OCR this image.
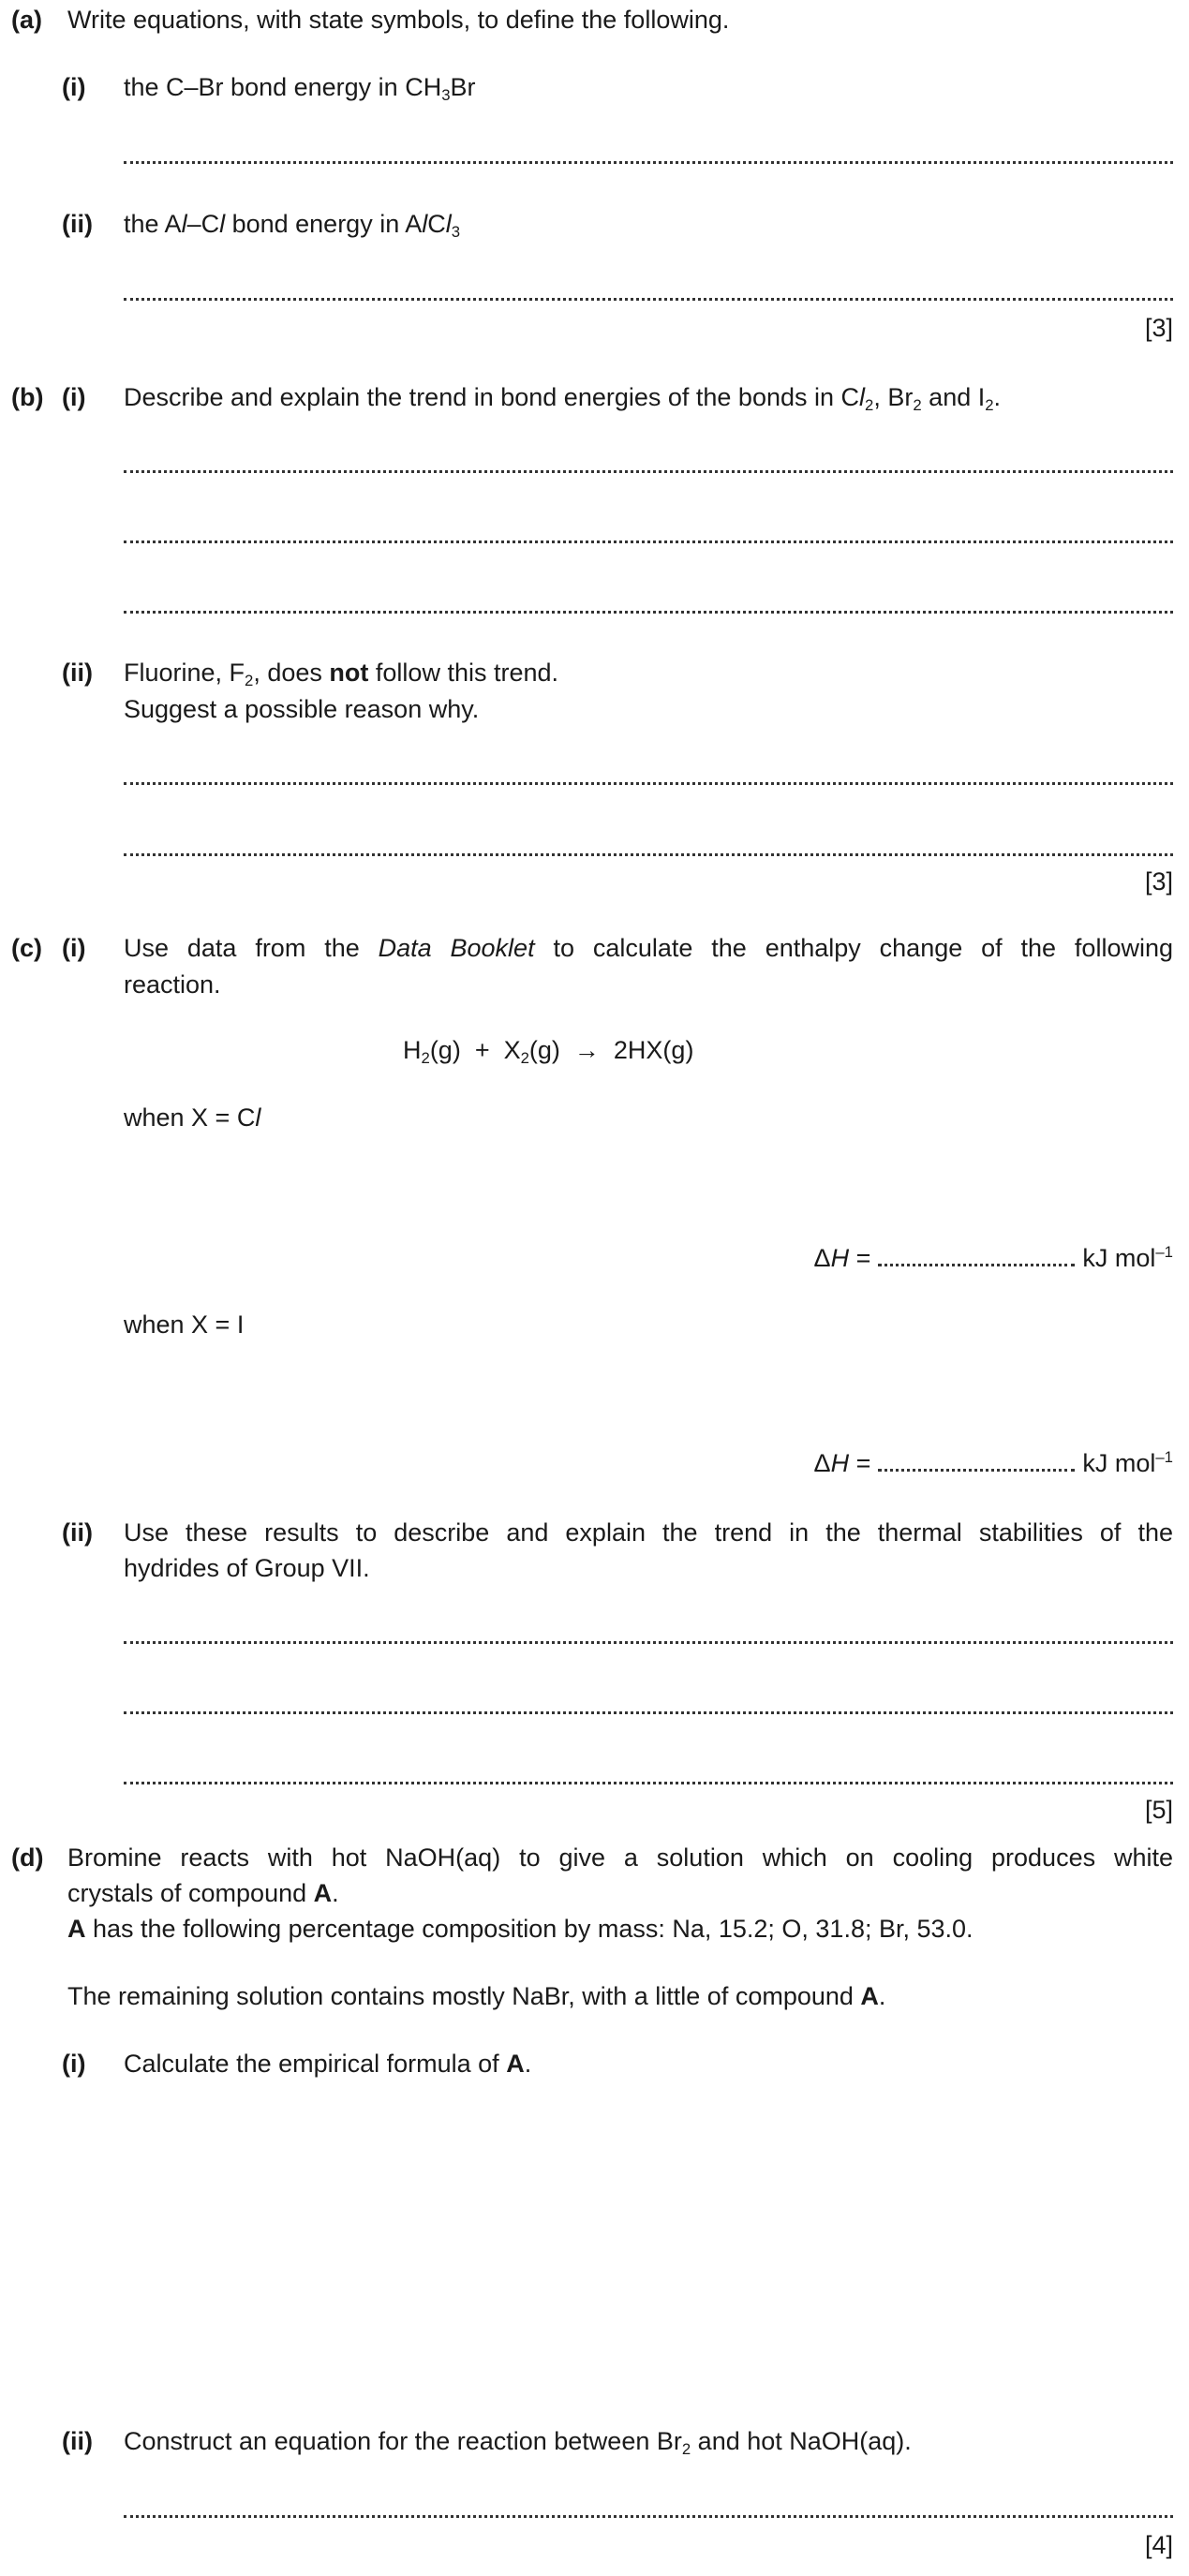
(a) Write equations, with state symbols, to define the following.
(i) the C–Br bond energy in $CH_3Br$
(ii) the Al–Cl bond energy in AlCl$_3$
[3]
(b) (i) Describe and explain the trend in bond energies of the bonds in $Cl_2$, $Br_2$ and $I_2$.
(ii) Fluorine, $F_2$, does not follow this trend.
Suggest a possible reason why.
[3]
(c) (i) Use data from the Data Booklet to calculate the enthalpy change of the following
reaction.
$H_2(g) + X_2(g) \to 2HX(g)$
when X = Cl
ΔH =	kJ mol$^{-1}$
when X = I
ΔH =	kJ mol$^{-1}$
(ii) Use these results to describe and explain the trend in the thermal stabilities of the
hydrides of Group VII.
[5]
(d) Bromine reacts with hot NaOH(aq) to give a solution which on cooling produces white
crystals of compound A.
A has the following percentage composition by mass: Na, 15.2; O, 31.8; Br, 53.0.
The remaining solution contains mostly NaBr, with a little of compound A.
(i) Calculate the empirical formula of A.
(ii) Construct an equation for the reaction between $Br_2$ and hot NaOH(aq).
[4]
